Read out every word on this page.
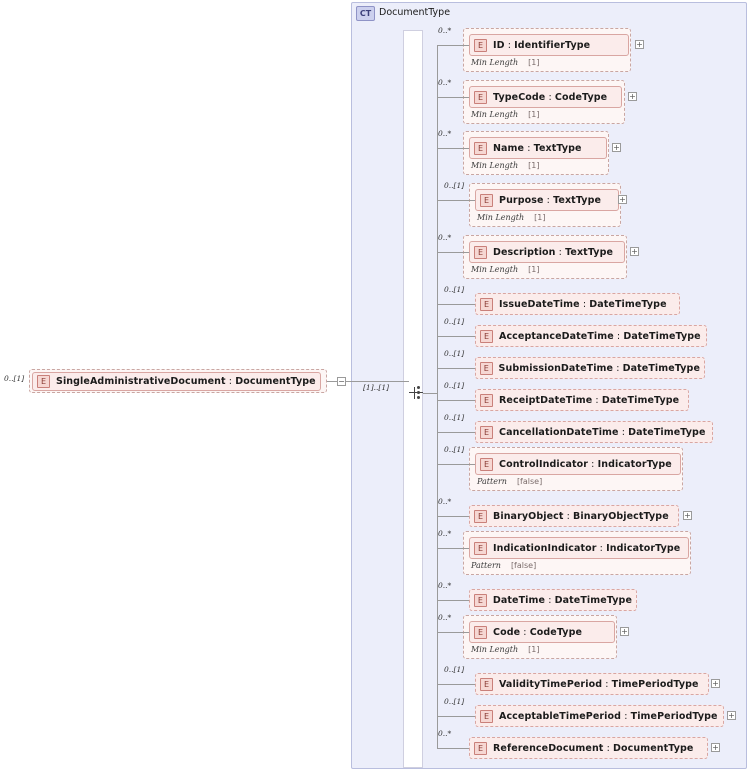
CT DocumentType
E	SingleAdministrativeDocument : DocumentType
0..[1]	−
[1]..[1]
E	ID : IdentifierType
Min Length [1]
+
0..*
E	TypeCode : CodeType
Min Length [1]
+
0..*
E	Name : TextType
Min Length [1]
+
0..*
E	Purpose : TextType
Min Length [1]
+
0..[1]
E	Description : TextType
Min Length [1]
+
0..*
E	IssueDateTime : DateTimeType
0..[1]
E	AcceptanceDateTime : DateTimeType
0..[1]
E	SubmissionDateTime : DateTimeType
0..[1]
E	ReceiptDateTime : DateTimeType
0..[1]
E	CancellationDateTime : DateTimeType
0..[1]
E	ControlIndicator : IndicatorType
Pattern [false]
0..[1]
E	BinaryObject : BinaryObjectType +
0..*
E	IndicationIndicator : IndicatorType
Pattern [false]
0..*
E	DateTime : DateTimeType
0..*
E	Code : CodeType
Min Length [1]
+
0..*
E	ValidityTimePeriod : TimePeriodType +
0..[1]
E	AcceptableTimePeriod : TimePeriodType +
0..[1]
E	ReferenceDocument : DocumentType +
0..*
